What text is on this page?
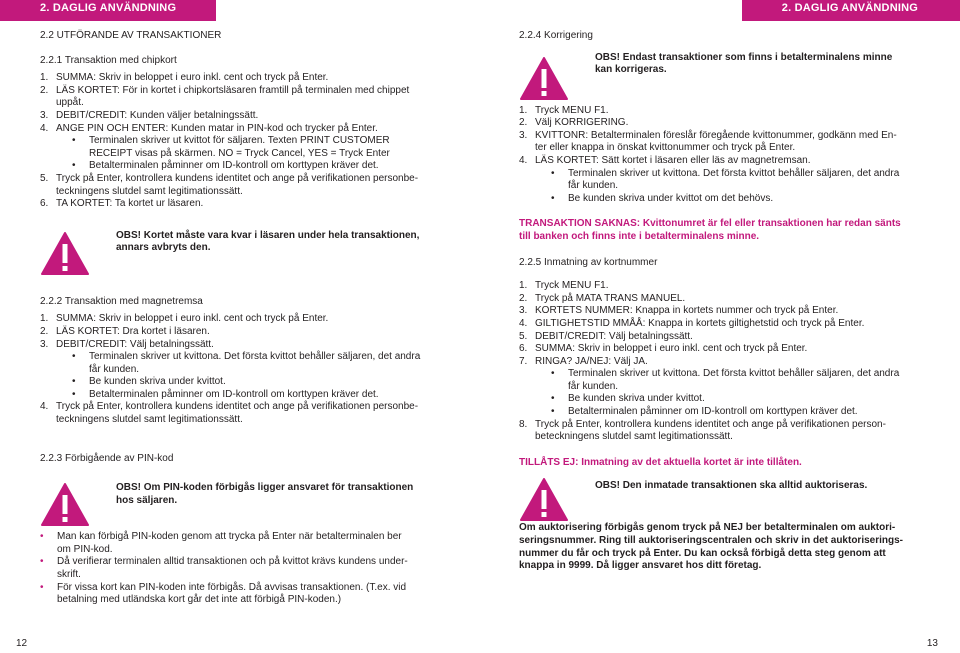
2. DAGLIG ANVÄNDNING	2. DAGLIG ANVÄNDNING
2.2 UTFÖRANDE AV TRANSAKTIONER
2.2.1 Transaktion med chipkort
1. SUMMA: Skriv in beloppet i euro inkl. cent och tryck på Enter.
2. LÄS KORTET: För in kortet i chipkortsläsaren framtill på terminalen med chippet
uppåt.
3. DEBIT/CREDIT: Kunden väljer betalningssätt.
4. ANGE PIN OCH ENTER: Kunden matar in PIN-kod och trycker på Enter.
•	Terminalen skriver ut kvittot för säljaren. Texten PRINT CUSTOMER
RECEIPT visas på skärmen. NO = Tryck Cancel, YES = Tryck Enter
•	Betalterminalen påminner om ID-kontroll om korttypen kräver det.
5. Tryck på Enter, kontrollera kundens identitet och ange på verifikationen personbe-
teckningens slutdel samt legitimationssätt.
6. TA KORTET: Ta kortet ur läsaren.
OBS! Kortet måste vara kvar i läsaren under hela transaktionen,
annars avbryts den.
2.2.2 Transaktion med magnetremsa
1. SUMMA: Skriv in beloppet i euro inkl. cent och tryck på Enter.
2. LÄS KORTET: Dra kortet i läsaren.
3. DEBIT/CREDIT: Välj betalningssätt.
•	Terminalen skriver ut kvittona. Det första kvittot behåller säljaren, det andra
får kunden.
•	Be kunden skriva under kvittot.
•	Betalterminalen påminner om ID-kontroll om korttypen kräver det.
4. Tryck på Enter, kontrollera kundens identitet och ange på verifikationen personbe-
teckningens slutdel samt legitimationssätt.
2.2.3 Förbigående av PIN-kod
OBS! Om PIN-koden förbigås ligger ansvaret för transaktionen
hos säljaren.
•	Man kan förbigå PIN-koden genom att trycka på Enter när betalterminalen ber
om PIN-kod.
•	Då verifierar terminalen alltid transaktionen och på kvittot krävs kundens under-
skrift.
•	För vissa kort kan PIN-koden inte förbigås. Då avvisas transaktionen. (T.ex. vid
betalning med utländska kort går det inte att förbigå PIN-koden.)
2.2.4 Korrigering
OBS! Endast transaktioner som finns i betalterminalens minne
kan korrigeras.
1. Tryck MENU F1.
2. Välj KORRIGERING.
3. KVITTONR: Betalterminalen föreslår föregående kvittonummer, godkänn med En-
ter eller knappa in önskat kvittonummer och tryck på Enter.
4. LÄS KORTET: Sätt kortet i läsaren eller läs av magnetremsan.
•	Terminalen skriver ut kvittona. Det första kvittot behåller säljaren, det andra
får kunden.
•	Be kunden skriva under kvittot om det behövs.
TRANSAKTION SAKNAS: Kvittonumret är fel eller transaktionen har redan sänts
till banken och finns inte i betalterminalens minne.
2.2.5 Inmatning av kortnummer
1. Tryck MENU F1.
2. Tryck på MATA TRANS MANUEL.
3. KORTETS NUMMER: Knappa in kortets nummer och tryck på Enter.
4. GILTIGHETSTID MMÅÅ: Knappa in kortets giltighetstid och tryck på Enter.
5. DEBIT/CREDIT: Välj betalningssätt.
6. SUMMA: Skriv in beloppet i euro inkl. cent och tryck på Enter.
7. RINGA? JA/NEJ: Välj JA.
•	Terminalen skriver ut kvittona. Det första kvittot behåller säljaren, det andra
får kunden.
•	Be kunden skriva under kvittot.
•	Betalterminalen påminner om ID-kontroll om korttypen kräver det.
8. Tryck på Enter, kontrollera kundens identitet och ange på verifikationen person-
beteckningens slutdel samt legitimationssätt.
TILLÅTS EJ: Inmatning av det aktuella kortet är inte tillåten.
OBS! Den inmatade transaktionen ska alltid auktoriseras.
Om auktorisering förbigås genom tryck på NEJ ber betalterminalen om auktori-
seringsnummer. Ring till auktoriseringscentralen och skriv in det auktoriserings-
nummer du får och tryck på Enter. Du kan också förbigå detta steg genom att
knappa in 9999. Då ligger ansvaret hos ditt företag.
12	13
